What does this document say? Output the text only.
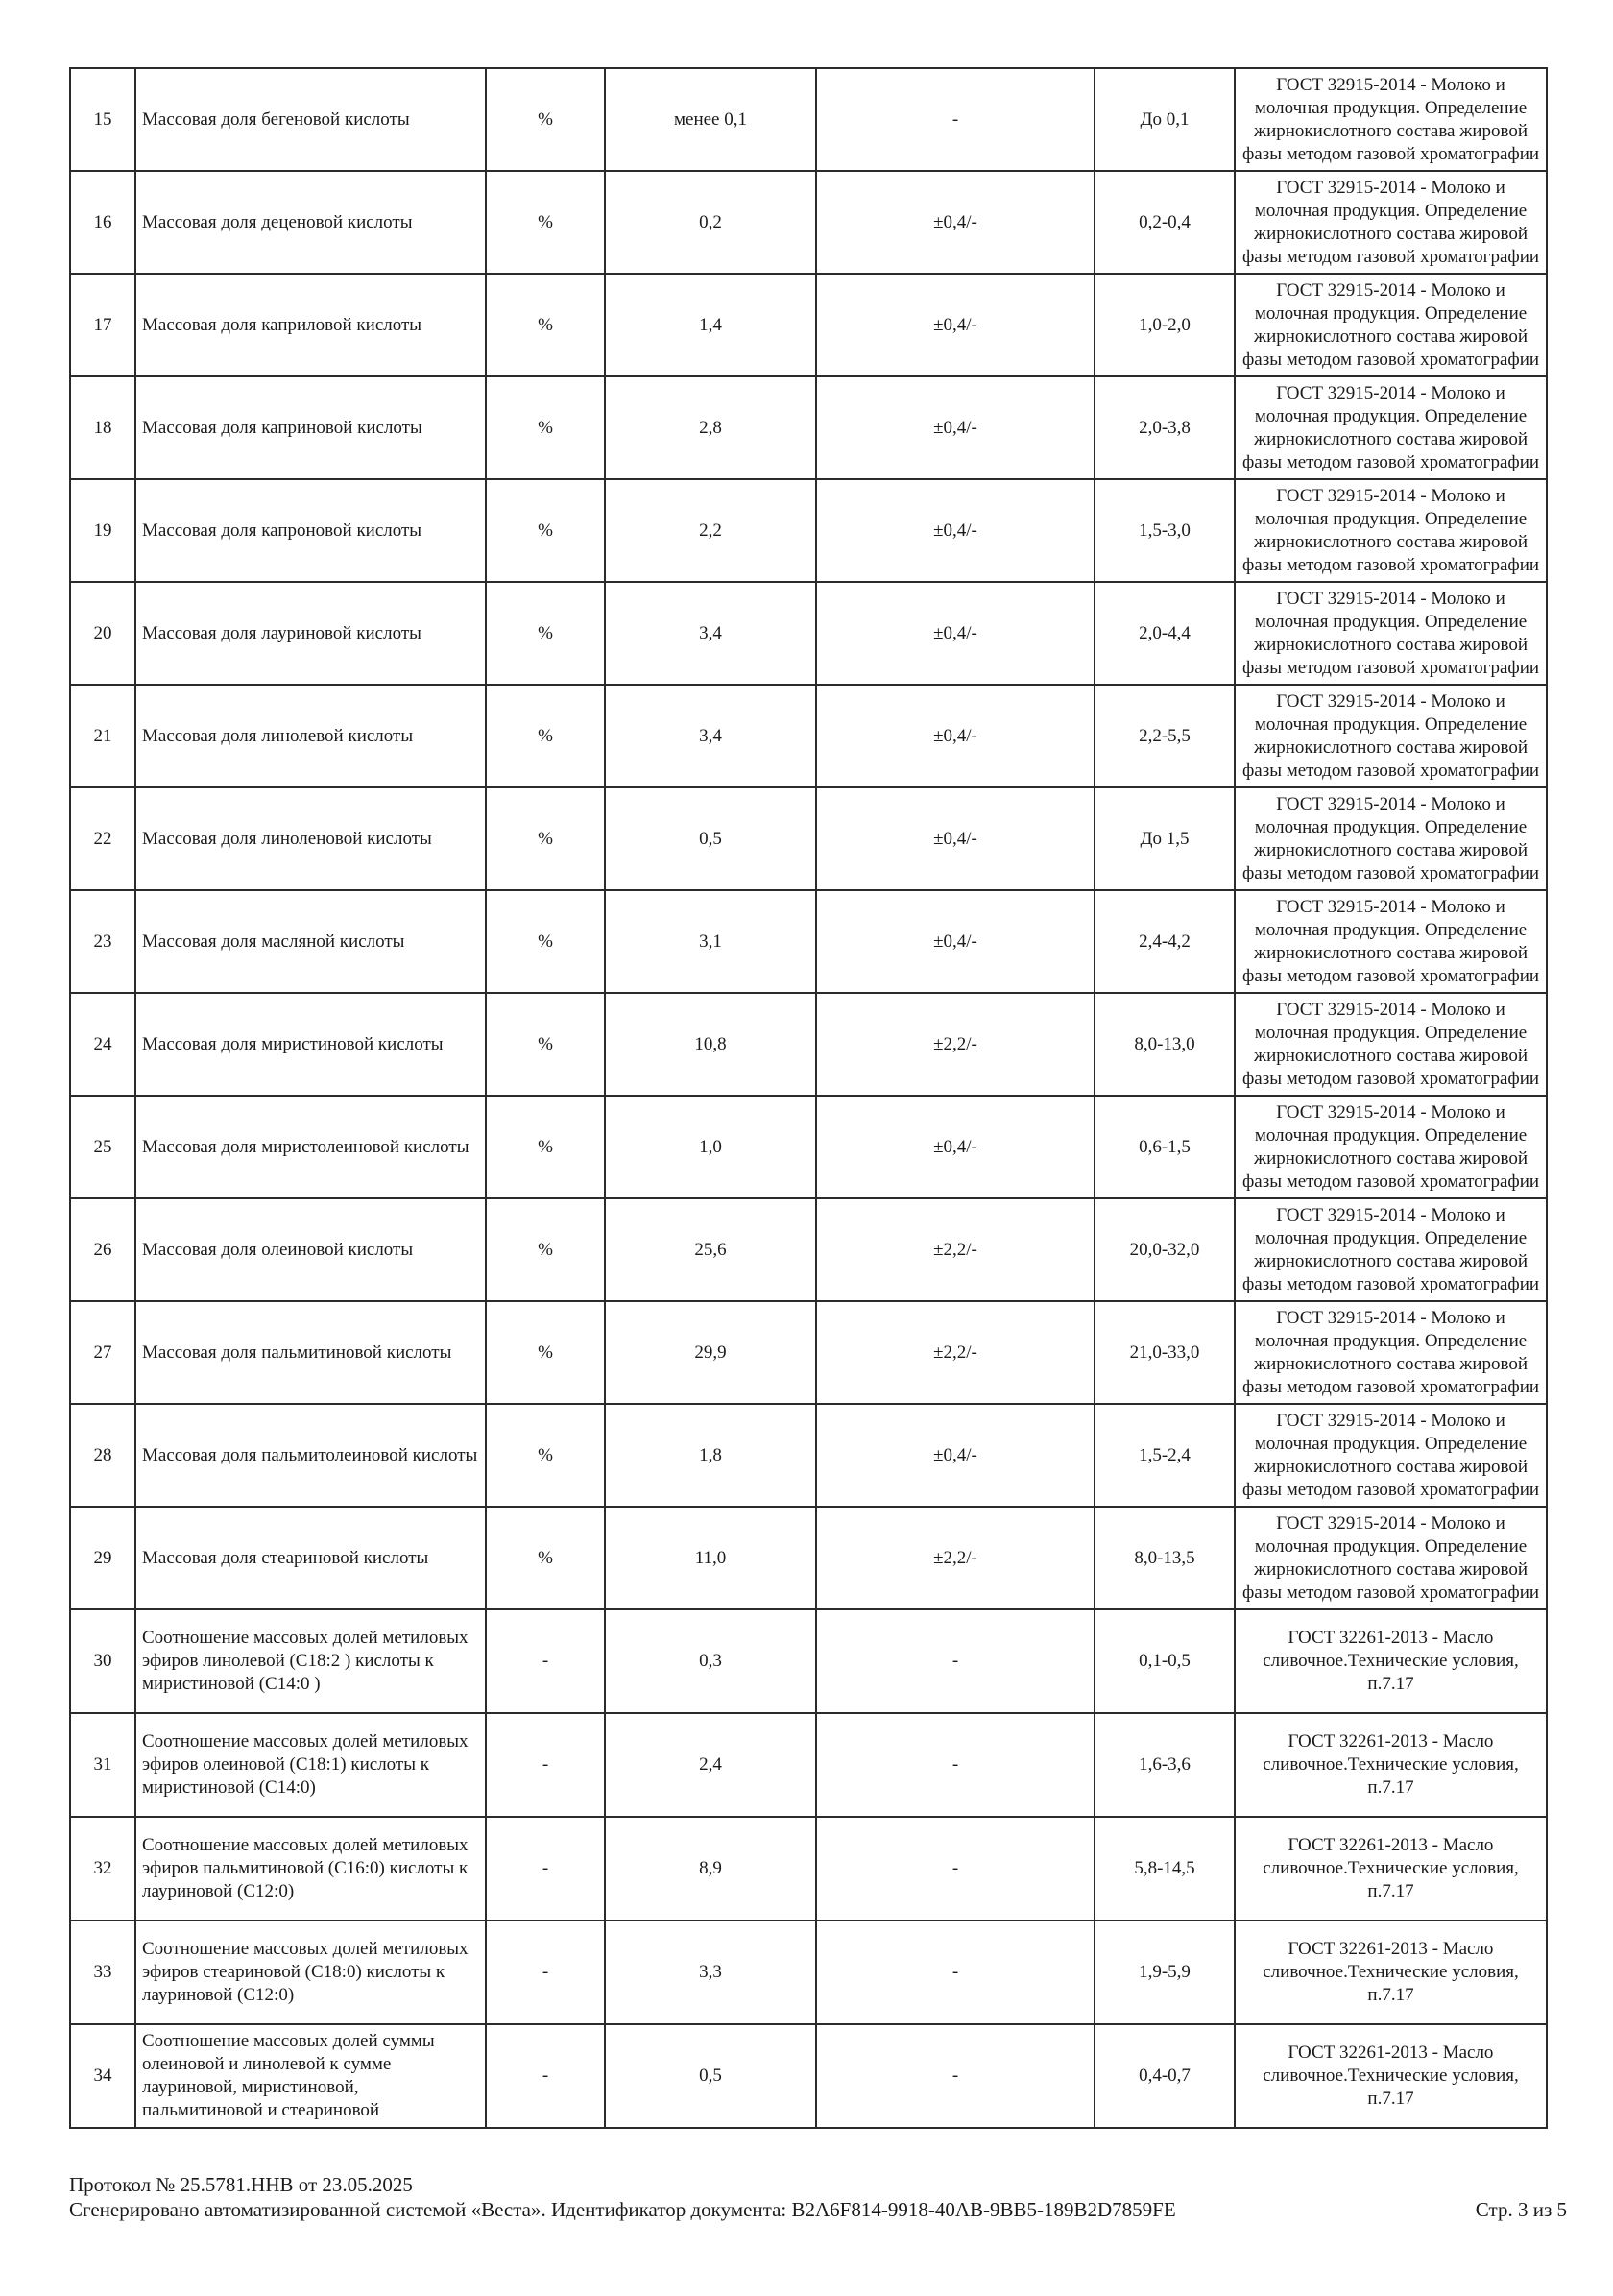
15	Массовая доля бегеновой кислоты	%	менее 0,1	-	До 0,1	ГОСТ 32915-2014 - Молоко и молочная продукция. Определение жирнокислотного состава жировой фазы методом газовой хроматографии
16	Массовая доля деценовой кислоты	%	0,2	±0,4/-	0,2-0,4	ГОСТ 32915-2014 - Молоко и молочная продукция. Определение жирнокислотного состава жировой фазы методом газовой хроматографии
17	Массовая доля каприловой кислоты	%	1,4	±0,4/-	1,0-2,0	ГОСТ 32915-2014 - Молоко и молочная продукция. Определение жирнокислотного состава жировой фазы методом газовой хроматографии
18	Массовая доля каприновой кислоты	%	2,8	±0,4/-	2,0-3,8	ГОСТ 32915-2014 - Молоко и молочная продукция. Определение жирнокислотного состава жировой фазы методом газовой хроматографии
19	Массовая доля капроновой кислоты	%	2,2	±0,4/-	1,5-3,0	ГОСТ 32915-2014 - Молоко и молочная продукция. Определение жирнокислотного состава жировой фазы методом газовой хроматографии
20	Массовая доля лауриновой кислоты	%	3,4	±0,4/-	2,0-4,4	ГОСТ 32915-2014 - Молоко и молочная продукция. Определение жирнокислотного состава жировой фазы методом газовой хроматографии
21	Массовая доля линолевой кислоты	%	3,4	±0,4/-	2,2-5,5	ГОСТ 32915-2014 - Молоко и молочная продукция. Определение жирнокислотного состава жировой фазы методом газовой хроматографии
22	Массовая доля линоленовой кислоты	%	0,5	±0,4/-	До 1,5	ГОСТ 32915-2014 - Молоко и молочная продукция. Определение жирнокислотного состава жировой фазы методом газовой хроматографии
23	Массовая доля масляной кислоты	%	3,1	±0,4/-	2,4-4,2	ГОСТ 32915-2014 - Молоко и молочная продукция. Определение жирнокислотного состава жировой фазы методом газовой хроматографии
24	Массовая доля миристиновой кислоты	%	10,8	±2,2/-	8,0-13,0	ГОСТ 32915-2014 - Молоко и молочная продукция. Определение жирнокислотного состава жировой фазы методом газовой хроматографии
25	Массовая доля миристолеиновой кислоты	%	1,0	±0,4/-	0,6-1,5	ГОСТ 32915-2014 - Молоко и молочная продукция. Определение жирнокислотного состава жировой фазы методом газовой хроматографии
26	Массовая доля олеиновой кислоты	%	25,6	±2,2/-	20,0-32,0	ГОСТ 32915-2014 - Молоко и молочная продукция. Определение жирнокислотного состава жировой фазы методом газовой хроматографии
27	Массовая доля пальмитиновой кислоты	%	29,9	±2,2/-	21,0-33,0	ГОСТ 32915-2014 - Молоко и молочная продукция. Определение жирнокислотного состава жировой фазы методом газовой хроматографии
28	Массовая доля пальмитолеиновой кислоты	%	1,8	±0,4/-	1,5-2,4	ГОСТ 32915-2014 - Молоко и молочная продукция. Определение жирнокислотного состава жировой фазы методом газовой хроматографии
29	Массовая доля стеариновой кислоты	%	11,0	±2,2/-	8,0-13,5	ГОСТ 32915-2014 - Молоко и молочная продукция. Определение жирнокислотного состава жировой фазы методом газовой хроматографии
30	Соотношение массовых долей метиловых эфиров линолевой (С18:2 ) кислоты к миристиновой (С14:0 )	-	0,3	-	0,1-0,5	ГОСТ 32261-2013 - Масло сливочное.Технические условия, п.7.17
31	Соотношение массовых долей метиловых эфиров олеиновой (С18:1) кислоты к миристиновой (С14:0)	-	2,4	-	1,6-3,6	ГОСТ 32261-2013 - Масло сливочное.Технические условия, п.7.17
32	Соотношение массовых долей метиловых эфиров пальмитиновой (С16:0) кислоты к лауриновой (С12:0)	-	8,9	-	5,8-14,5	ГОСТ 32261-2013 - Масло сливочное.Технические условия, п.7.17
33	Соотношение массовых долей метиловых эфиров стеариновой (С18:0) кислоты к лауриновой (С12:0)	-	3,3	-	1,9-5,9	ГОСТ 32261-2013 - Масло сливочное.Технические условия, п.7.17
34	Соотношение массовых долей суммы олеиновой и линолевой к сумме лауриновой, миристиновой, пальмитиновой и стеариновой	-	0,5	-	0,4-0,7	ГОСТ 32261-2013 - Масло сливочное.Технические условия, п.7.17
Протокол № 25.5781.ННВ от 23.05.2025
Сгенерировано автоматизированной системой «Веста». Идентификатор документа: B2A6F814-9918-40AB-9BB5-189B2D7859FE	Стр. 3 из 5
